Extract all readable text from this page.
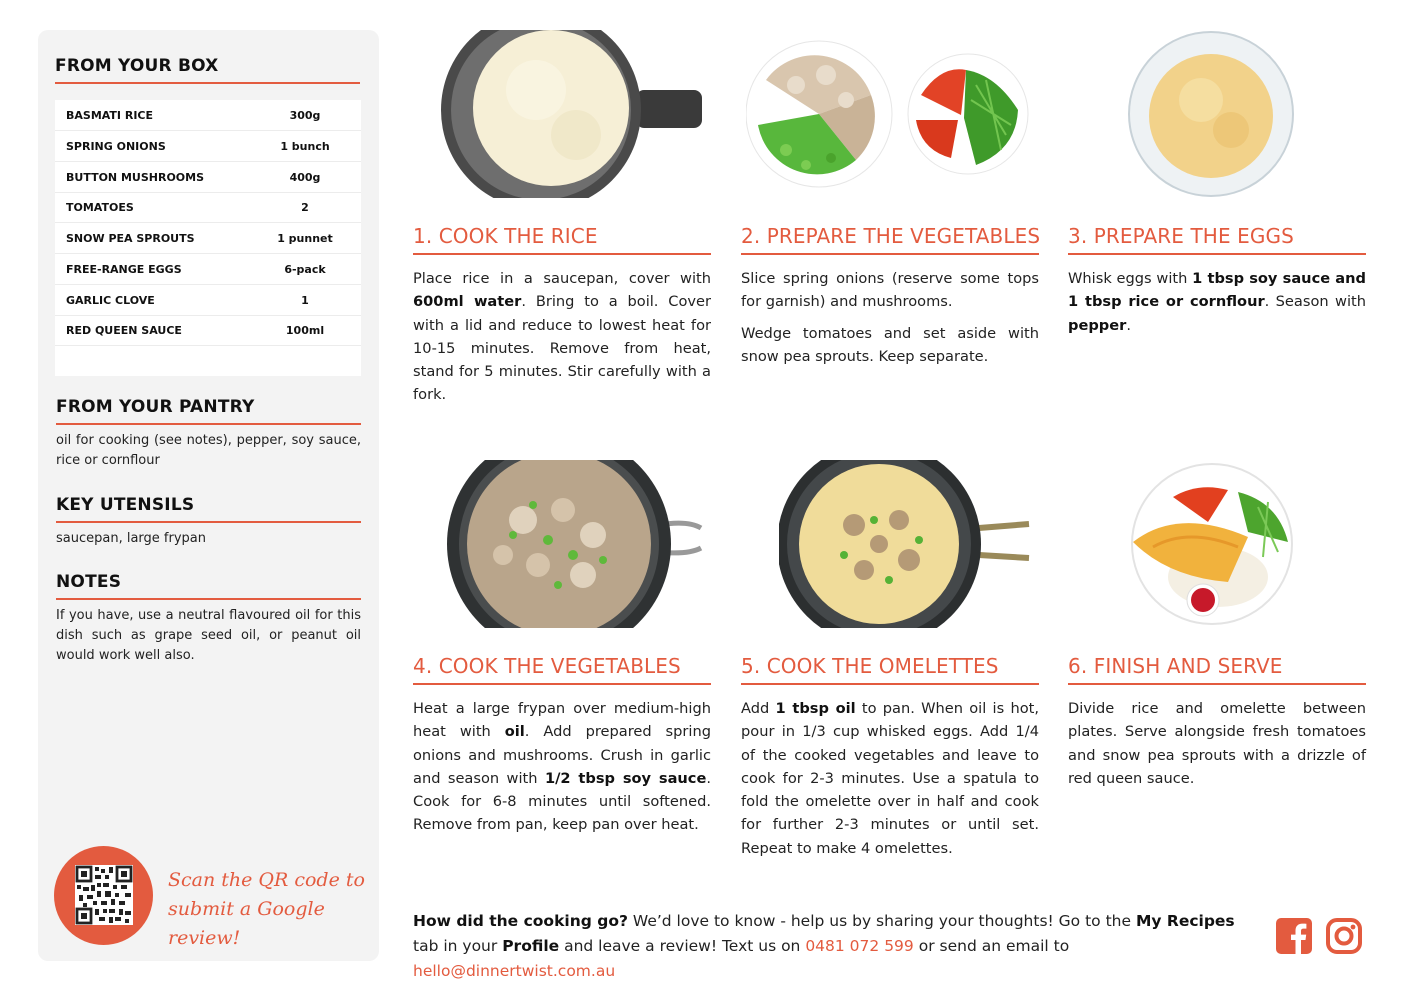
FROM YOUR BOX
BASMATI RICE	300g
SPRING ONIONS	1 bunch
BUTTON MUSHROOMS	400g
TOMATOES	2
SNOW PEA SPROUTS	1 punnet
FREE-RANGE EGGS	6-pack
GARLIC CLOVE	1
RED QUEEN SAUCE	100ml
FROM YOUR PANTRY
oil for cooking (see notes), pepper, soy sauce, rice or cornflour
KEY UTENSILS
saucepan, large frypan
NOTES
If you have, use a neutral flavoured oil for this dish such as grape seed oil, or peanut oil would work well also.
Scan the QR code to
submit a Google review!
1. COOK THE RICE

Place rice in a saucepan, cover with 600ml water. Bring to a boil. Cover with a lid and reduce to lowest heat for 10-15 minutes. Remove from heat, stand for 5 minutes. Stir carefully with a fork.

2. PREPARE THE VEGETABLES

Slice spring onions (reserve some tops for garnish) and mushrooms.

Wedge tomatoes and set aside with snow pea sprouts. Keep separate.

3. PREPARE THE EGGS

Whisk eggs with 1 tbsp soy sauce and 1 tbsp rice or cornflour. Season with pepper.

4. COOK THE VEGETABLES

Heat a large frypan over medium-high heat with oil. Add prepared spring onions and mushrooms. Crush in garlic and season with 1/2 tbsp soy sauce. Cook for 6-8 minutes until softened. Remove from pan, keep pan over heat.

5. COOK THE OMELETTES

Add 1 tbsp oil to pan. When oil is hot, pour in 1/3 cup whisked eggs. Add 1/4 of the cooked vegetables and leave to cook for 2-3 minutes. Use a spatula to fold the omelette over in half and cook for further 2-3 minutes or until set. Repeat to make 4 omelettes.

6. FINISH AND SERVE

Divide rice and omelette between plates. Serve alongside fresh tomatoes and snow pea sprouts with a drizzle of red queen sauce.

How did the cooking go? We’d love to know - help us by sharing your thoughts! Go to the My Recipes tab in your Profile and leave a review! Text us on 0481 072 599 or send an email to hello@dinnertwist.com.au
